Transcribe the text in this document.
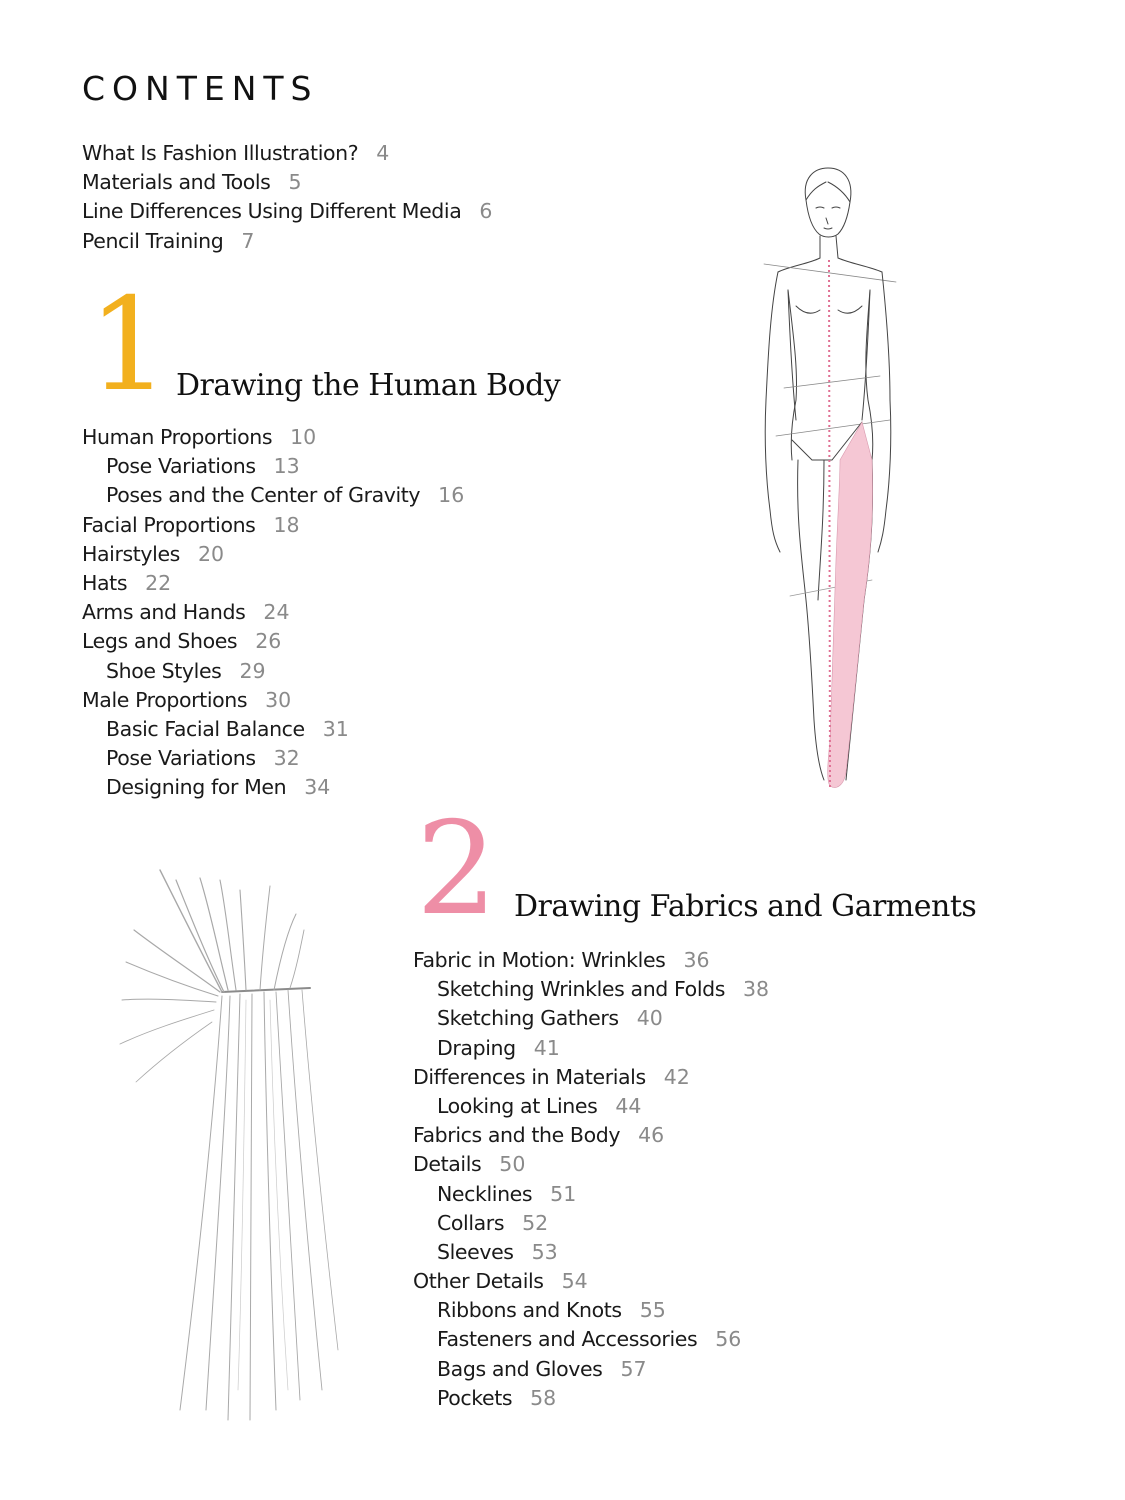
CONTENTS
What Is Fashion Illustration? 4
Materials and Tools 5
Line Differences Using Different Media 6
Pencil Training 7
1 Drawing the Human Body
Human Proportions 10
Pose Variations 13
Poses and the Center of Gravity 16
Facial Proportions 18
Hairstyles 20
Hats 22
Arms and Hands 24
Legs and Shoes 26
Shoe Styles 29
Male Proportions 30
Basic Facial Balance 31
Pose Variations 32
Designing for Men 34
2 Drawing Fabrics and Garments
Fabric in Motion: Wrinkles 36
Sketching Wrinkles and Folds 38
Sketching Gathers 40
Draping 41
Differences in Materials 42
Looking at Lines 44
Fabrics and the Body 46
Details 50
Necklines 51
Collars 52
Sleeves 53
Other Details 54
Ribbons and Knots 55
Fasteners and Accessories 56
Bags and Gloves 57
Pockets 58
